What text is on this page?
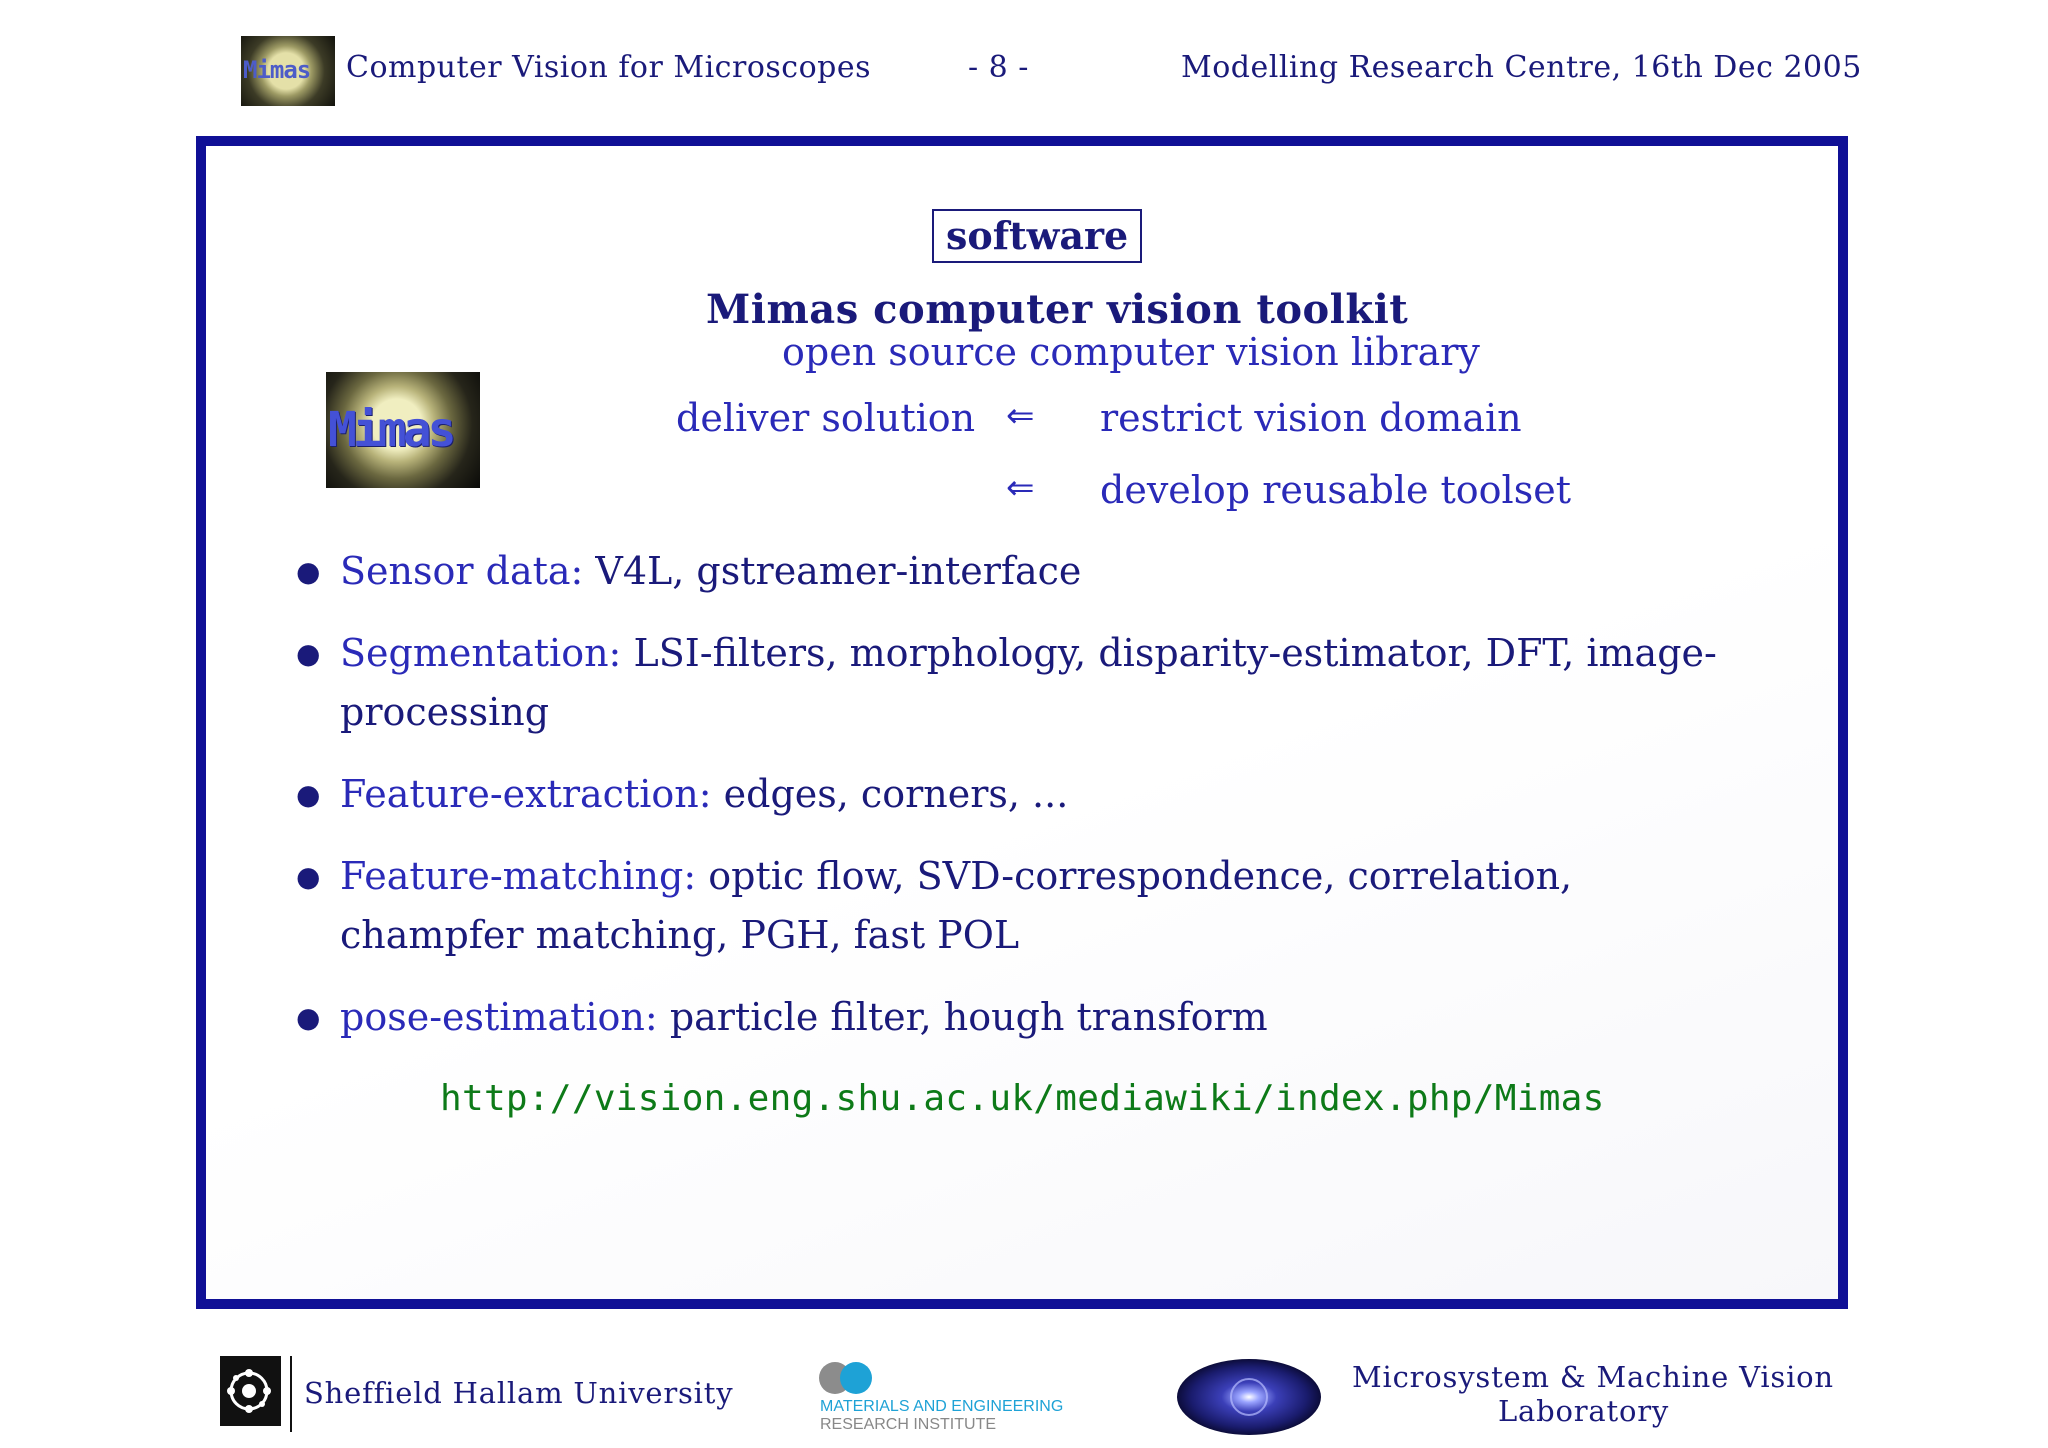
Mimas Computer Vision for Microscopes	- 8 -	Modelling Research Centre, 16th Dec 2005
software
Mimas computer vision toolkit
open source computer vision library
Mimas	deliver solution ⇐ restrict vision domain
⇐ develop reusable toolset
● Sensor data: V4L, gstreamer-interface
● Segmentation: LSI-filters, morphology, disparity-estimator, DFT, image-processing
● Feature-extraction: edges, corners, ...
● Feature-matching: optic flow, SVD-correspondence, correlation, champfer matching, PGH, fast POL
● pose-estimation: particle filter, hough transform
http://vision.eng.shu.ac.uk/mediawiki/index.php/Mimas
Sheffield Hallam University	MATERIALS AND ENGINEERING
RESEARCH INSTITUTE
Microsystem & Machine Vision
Laboratory
